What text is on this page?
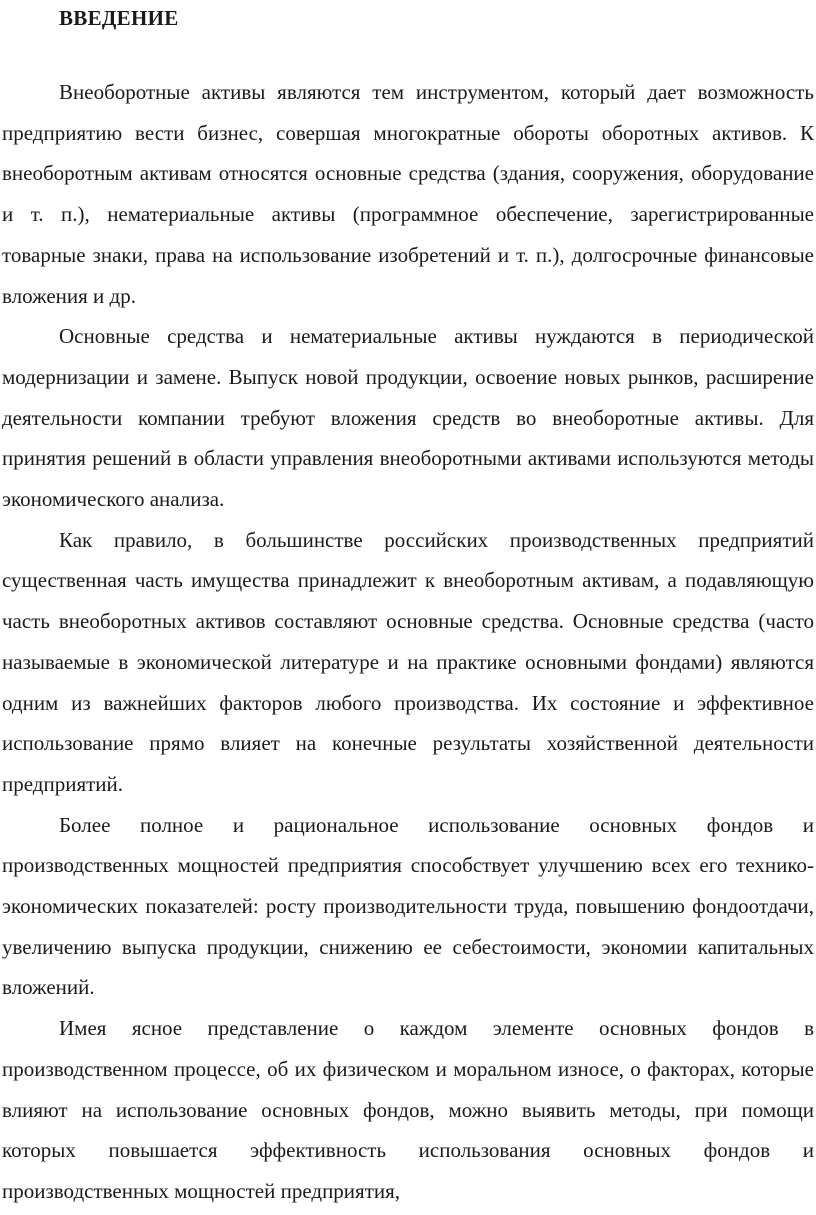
ВВЕДЕНИЕ

Внеоборотные активы являются тем инструментом, который дает возможность предприятию вести бизнес, совершая многократные обороты оборотных активов. К внеоборотным активам относятся основные средства (здания, сооружения, оборудование и т. п.), нематериальные активы (программное обеспечение, зарегистрированные товарные знаки, права на использование изобретений и т. п.), долгосрочные финансовые вложения и др.

Основные средства и нематериальные активы нуждаются в периодической модернизации и замене. Выпуск новой продукции, освоение новых рынков, расширение деятельности компании требуют вложения средств во внеоборотные активы. Для принятия решений в области управления внеоборотными активами используются методы экономического анализа.

Как правило, в большинстве российских производственных предприятий существенная часть имущества принадлежит к внеоборотным активам, а подавляющую часть внеоборотных активов составляют основные средства. Основные средства (часто называемые в экономической литературе и на практике основными фондами) являются одним из важнейших факторов любого производства. Их состояние и эффективное использование прямо влияет на конечные результаты хозяйственной деятельности предприятий.

Более полное и рациональное использование основных фондов и производственных мощностей предприятия способствует улучшению всех его технико-экономических показателей: росту производительности труда, повышению фондоотдачи, увеличению выпуска продукции, снижению ее себестоимости, экономии капитальных вложений.

Имея ясное представление о каждом элементе основных фондов в производственном процессе, об их физическом и моральном износе, о факторах, которые влияют на использование основных фондов, можно выявить методы, при помощи которых повышается эффективность использования основных фондов и производственных мощностей предприятия,
